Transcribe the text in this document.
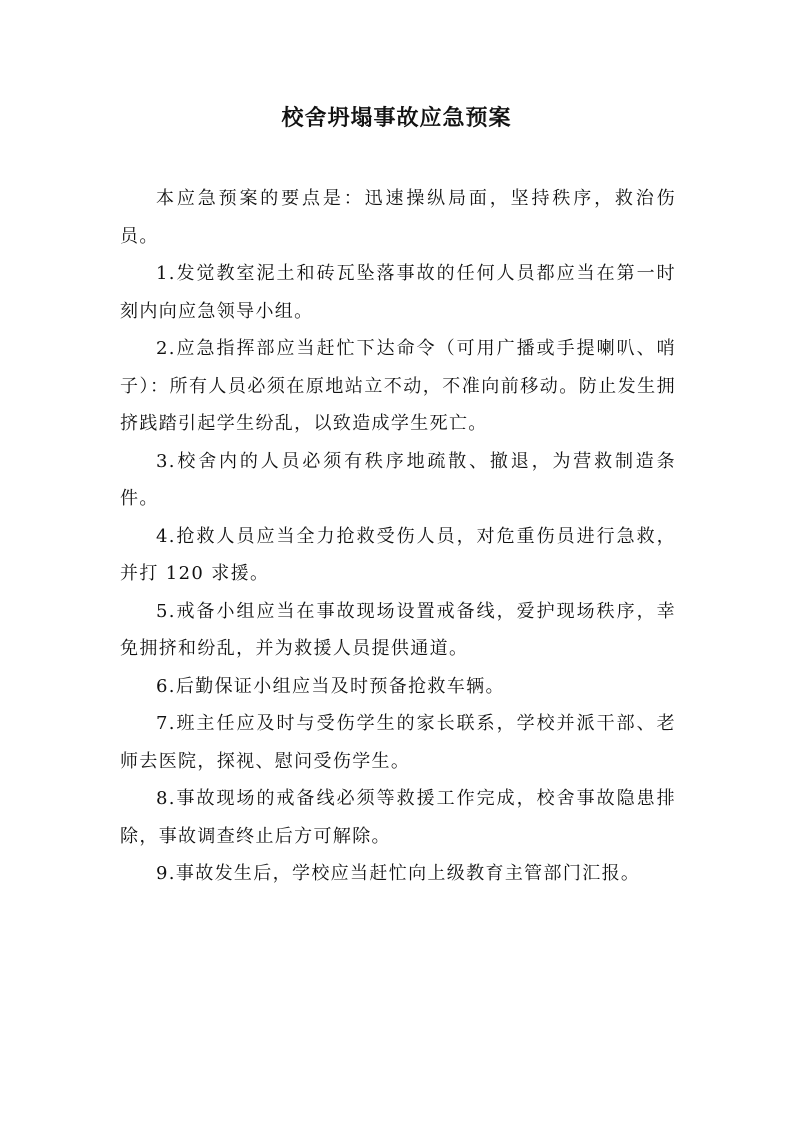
校舍坍塌事故应急预案

本应急预案的要点是：迅速操纵局面，坚持秩序，救治伤员。

1.发觉教室泥土和砖瓦坠落事故的任何人员都应当在第一时刻内向应急领导小组。

2.应急指挥部应当赶忙下达命令（可用广播或手提喇叭、哨子）：所有人员必须在原地站立不动，不准向前移动。防止发生拥挤践踏引起学生纷乱，以致造成学生死亡。

3.校舍内的人员必须有秩序地疏散、撤退，为营救制造条件。

4.抢救人员应当全力抢救受伤人员，对危重伤员进行急救，并打 120 求援。

5.戒备小组应当在事故现场设置戒备线，爱护现场秩序，幸免拥挤和纷乱，并为救援人员提供通道。

6.后勤保证小组应当及时预备抢救车辆。

7.班主任应及时与受伤学生的家长联系，学校并派干部、老师去医院，探视、慰问受伤学生。

8.事故现场的戒备线必须等救援工作完成，校舍事故隐患排除，事故调查终止后方可解除。

9.事故发生后，学校应当赶忙向上级教育主管部门汇报。
